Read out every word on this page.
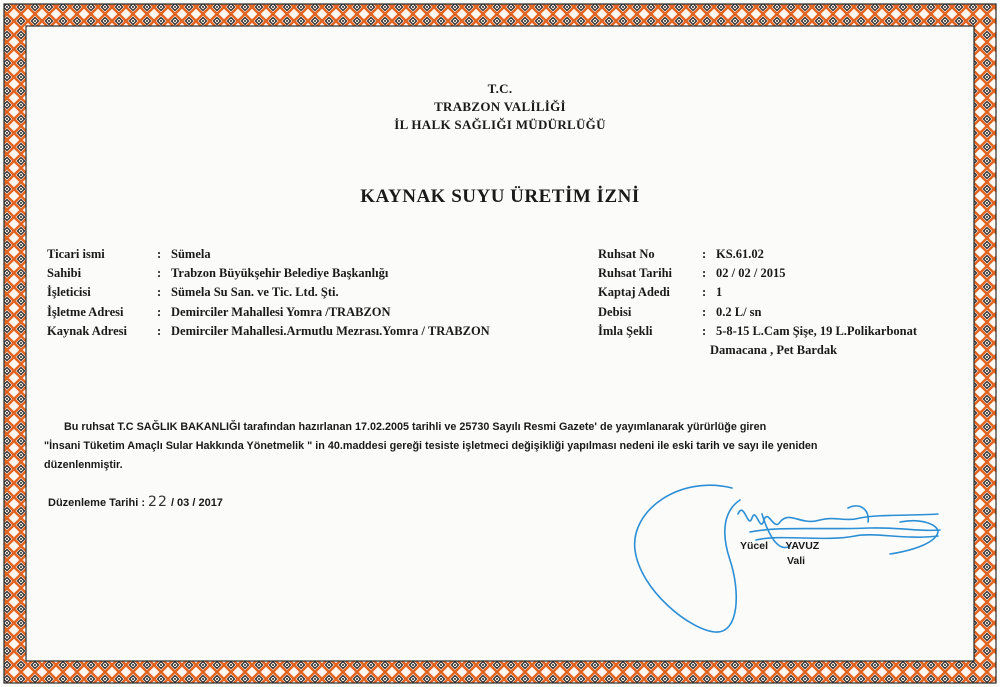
T.C.
TRABZON VALİLİĞİ
İL HALK SAĞLIĞI MÜDÜRLÜĞÜ
KAYNAK SUYU ÜRETİM İZNİ
Ticari ismi	: Sümela
Sahibi	: Trabzon Büyükşehir Belediye Başkanlığı
İşleticisi	: Sümela Su San. ve Tic. Ltd. Şti.
İşletme Adresi	: Demirciler Mahallesi Yomra /TRABZON
Kaynak Adresi : Demirciler Mahallesi.Armutlu Mezrası.Yomra / TRABZON
Ruhsat No	: KS.61.02
Ruhsat Tarihi : 02 / 02 / 2015
Kaptaj Adedi	: 1
Debisi	: 0.2 L/ sn
İmla Şekli	: 5-8-15 L.Cam Şişe, 19 L.Polikarbonat
Damacana , Pet Bardak
Bu ruhsat T.C SAĞLIK BAKANLIĞI tarafından hazırlanan 17.02.2005 tarihli ve 25730 Sayılı Resmi Gazete' de yayımlanarak yürürlüğe giren
"İnsani Tüketim Amaçlı Sular Hakkında Yönetmelik " in 40.maddesi gereği tesiste işletmeci değişikliği yapılması nedeni ile eski tarih ve sayı ile yeniden
düzenlenmiştir.
Düzenleme Tarihi : 22 / 03 / 2017
Yücel YAVUZ
Vali
